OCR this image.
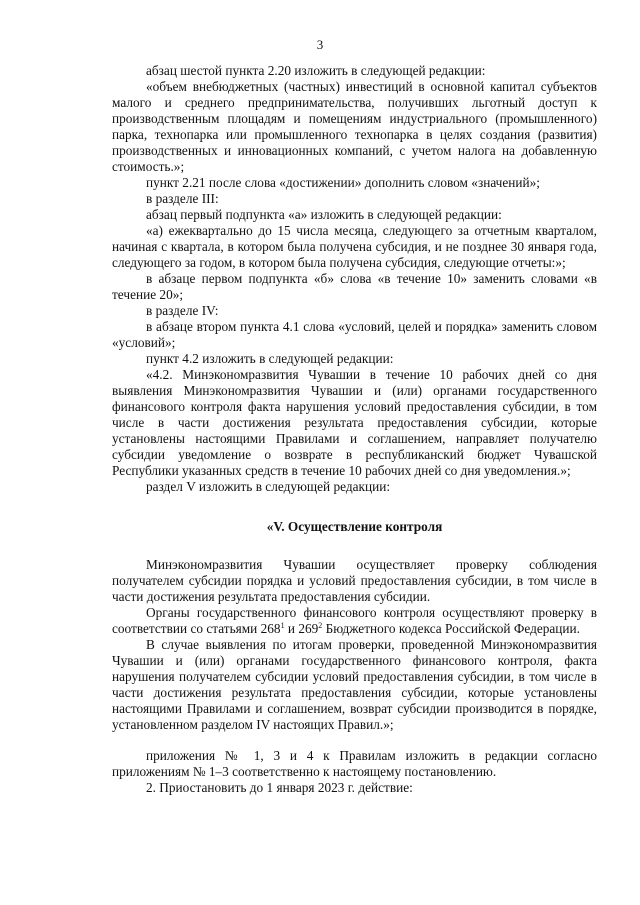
3

абзац шестой пункта 2.20 изложить в следующей редакции:

«объем внебюджетных (частных) инвестиций в основной капитал субъектов малого и среднего предпринимательства, получивших льготный доступ к производственным площадям и помещениям индустриального (промышленного) парка, технопарка или промышленного технопарка в целях создания (развития) производственных и инновационных компаний, с учетом налога на добавленную стоимость.»;

пункт 2.21 после слова «достижении» дополнить словом «значений»;

в разделе III:

абзац первый подпункта «а» изложить в следующей редакции:

«а) ежеквартально до 15 числа месяца, следующего за отчетным кварталом, начиная с квартала, в котором была получена субсидия, и не позднее 30 января года, следующего за годом, в котором была получена субсидия, следующие отчеты:»;

в абзаце первом подпункта «б» слова «в течение 10» заменить словами «в течение 20»;

в разделе IV:

в абзаце втором пункта 4.1 слова «условий, целей и порядка» заменить словом «условий»;

пункт 4.2 изложить в следующей редакции:

«4.2. Минэкономразвития Чувашии в течение 10 рабочих дней со дня выявления Минэкономразвития Чувашии и (или) органами государственного финансового контроля факта нарушения условий предоставления субсидии, в том числе в части достижения результата предоставления субсидии, которые установлены настоящими Правилами и соглашением, направляет получателю субсидии уведомление о возврате в республиканский бюджет Чувашской Республики указанных средств в течение 10 рабочих дней со дня уведомления.»;

раздел V изложить в следующей редакции:

«V. Осуществление контроля

Минэкономразвития Чувашии осуществляет проверку соблюдения получателем субсидии порядка и условий предоставления субсидии, в том числе в части достижения результата предоставления субсидии.

Органы государственного финансового контроля осуществляют проверку в соответствии со статьями $268^1$ и $269^2$ Бюджетного кодекса Российской Федерации.

В случае выявления по итогам проверки, проведенной Минэкономразвития Чувашии и (или) органами государственного финансового контроля, факта нарушения получателем субсидии условий предоставления субсидии, в том числе в части достижения результата предоставления субсидии, которые установлены настоящими Правилами и соглашением, возврат субсидии производится в порядке, установленном разделом IV настоящих Правил.»;

приложения № 1, 3 и 4 к Правилам изложить в редакции согласно приложениям № 1–3 соответственно к настоящему постановлению.

2. Приостановить до 1 января 2023 г. действие:
